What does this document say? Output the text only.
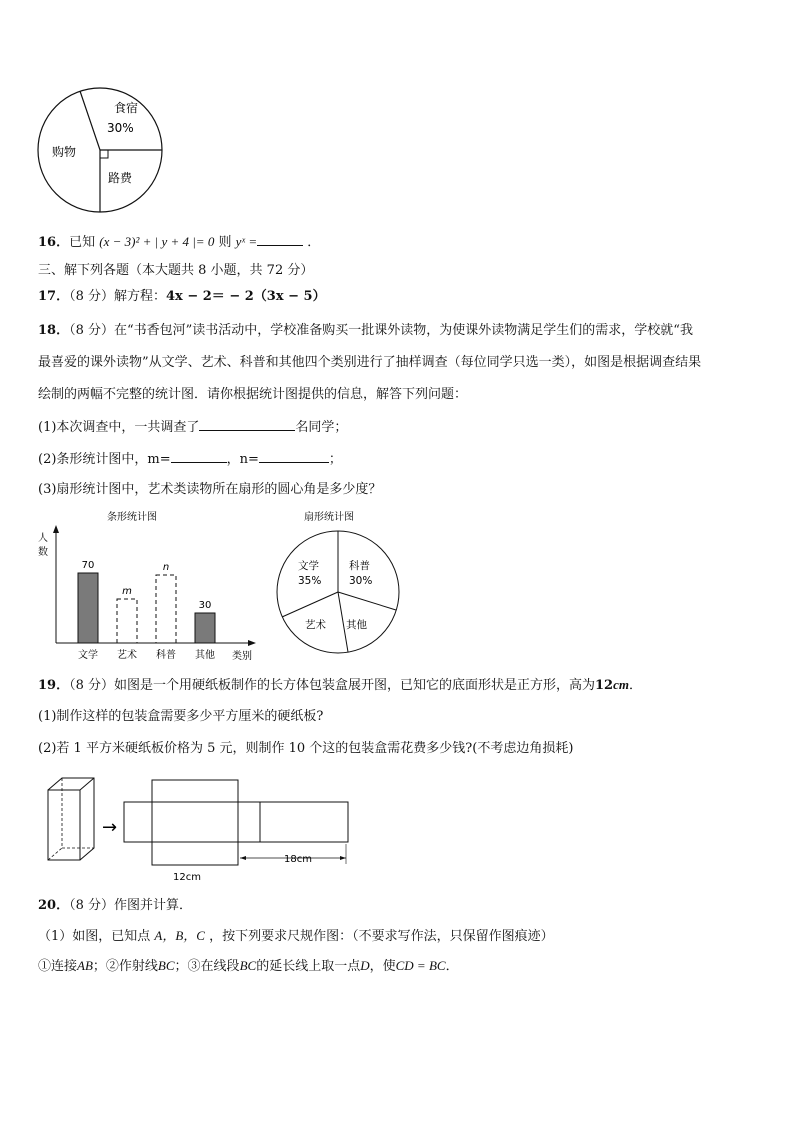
食宿
30%
购物
路费
16．已知 (x − 3)² + | y + 4 |= 0 则 yˣ =	．
三、解下列各题（本大题共 8 小题，共 72 分）
17．（8 分）解方程：4x − 2＝ − 2（3x − 5）
18．（8 分）在“书香包河”读书活动中，学校准备购买一批课外读物，为使课外读物满足学生们的需求，学校就“我
最喜爱的课外读物”从文学、艺术、科普和其他四个类别进行了抽样调查（每位同学只选一类），如图是根据调查结果
绘制的两幅不完整的统计图．请你根据统计图提供的信息，解答下列问题：
(1)本次调查中，一共调查了	名同学；
(2)条形统计图中，m=	，n=	；
(3)扇形统计图中，艺术类读物所在扇形的圆心角是多少度？
条形统计图
人
数
类别
70
文学
m
艺术
n
科普
30
其他
扇形统计图
文学
35%
科普
30%
其他
艺术
19．（8 分）如图是一个用硬纸板制作的长方体包装盒展开图，已知它的底面形状是正方形，高为12cm．
(1)制作这样的包装盒需要多少平方厘米的硬纸板?
(2)若 1 平方米硬纸板价格为 5 元，则制作 10 个这的包装盒需花费多少钱?(不考虑边角损耗)
→
18cm
12cm
20．（8 分）作图并计算．
（1）如图，已知点 A，B，C ，按下列要求尺规作图：（不要求写作法，只保留作图痕迹）
①连接AB；②作射线BC；③在线段BC的延长线上取一点D，使CD = BC．
